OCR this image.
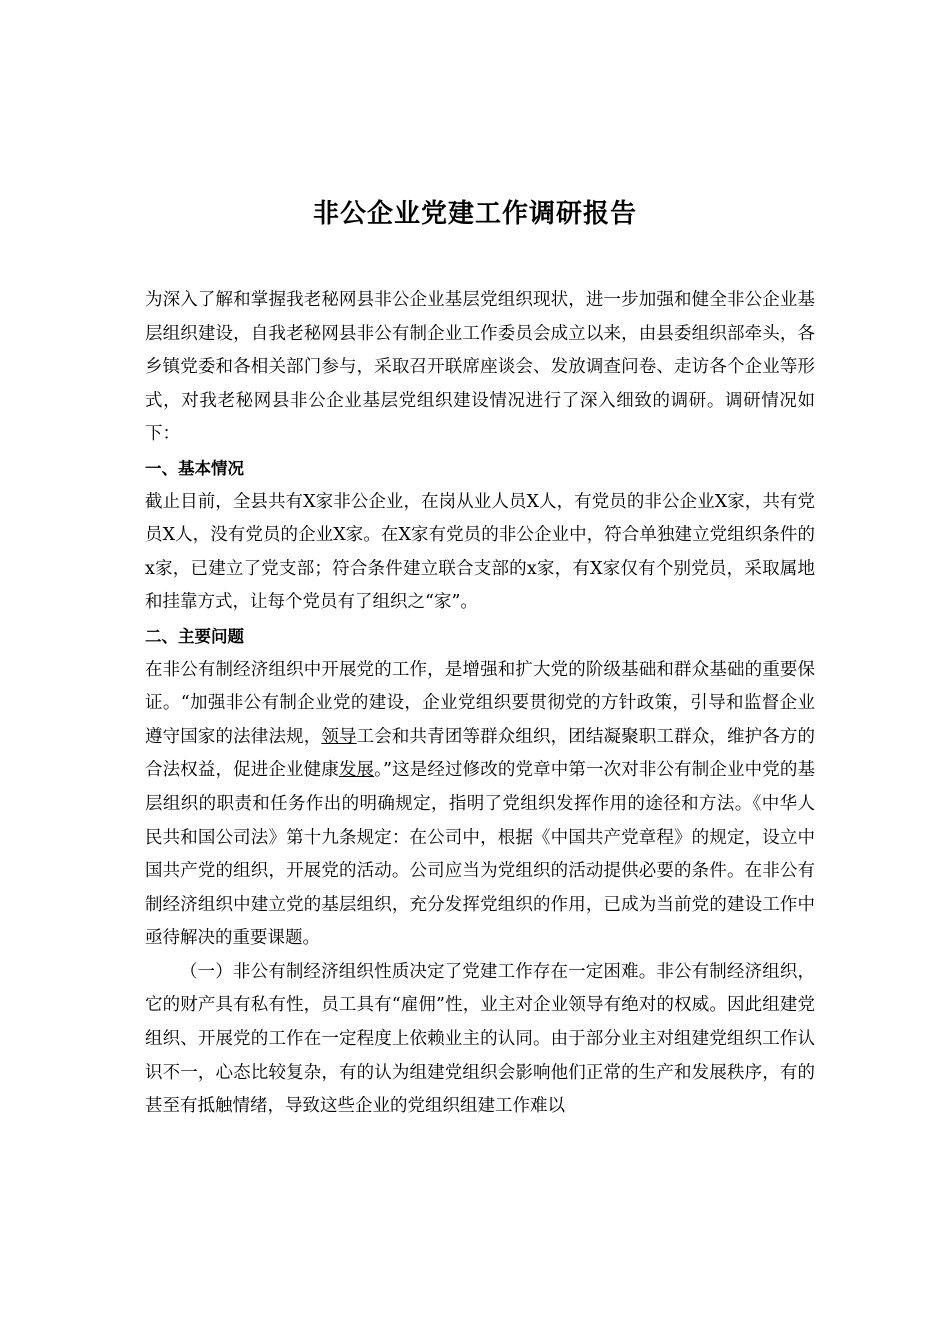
非公企业党建工作调研报告

为深入了解和掌握我老秘网县非公企业基层党组织现状，进一步加强和健全非公企业基层组织建设，自我老秘网县非公有制企业工作委员会成立以来，由县委组织部牵头，各乡镇党委和各相关部门参与，采取召开联席座谈会、发放调查问卷、走访各个企业等形式，对我老秘网县非公企业基层党组织建设情况进行了深入细致的调研。调研情况如下：

一、基本情况

截止目前，全县共有X家非公企业，在岗从业人员X人，有党员的非公企业X家，共有党员X人，没有党员的企业X家。在X家有党员的非公企业中，符合单独建立党组织条件的x家，已建立了党支部；符合条件建立联合支部的x家，有X家仅有个别党员，采取属地和挂靠方式，让每个党员有了组织之“家”。

二、主要问题

在非公有制经济组织中开展党的工作，是增强和扩大党的阶级基础和群众基础的重要保证。“加强非公有制企业党的建设，企业党组织要贯彻党的方针政策，引导和监督企业遵守国家的法律法规，领导工会和共青团等群众组织，团结凝聚职工群众，维护各方的合法权益，促进企业健康发展。”这是经过修改的党章中第一次对非公有制企业中党的基层组织的职责和任务作出的明确规定，指明了党组织发挥作用的途径和方法。《中华人民共和国公司法》第十九条规定：在公司中，根据《中国共产党章程》的规定，设立中国共产党的组织，开展党的活动。公司应当为党组织的活动提供必要的条件。在非公有制经济组织中建立党的基层组织，充分发挥党组织的作用，已成为当前党的建设工作中亟待解决的重要课题。

（一）非公有制经济组织性质决定了党建工作存在一定困难。非公有制经济组织，它的财产具有私有性，员工具有“雇佣”性，业主对企业领导有绝对的权威。因此组建党组织、开展党的工作在一定程度上依赖业主的认同。由于部分业主对组建党组织工作认识不一，心态比较复杂，有的认为组建党组织会影响他们正常的生产和发展秩序，有的甚至有抵触情绪，导致这些企业的党组织组建工作难以
